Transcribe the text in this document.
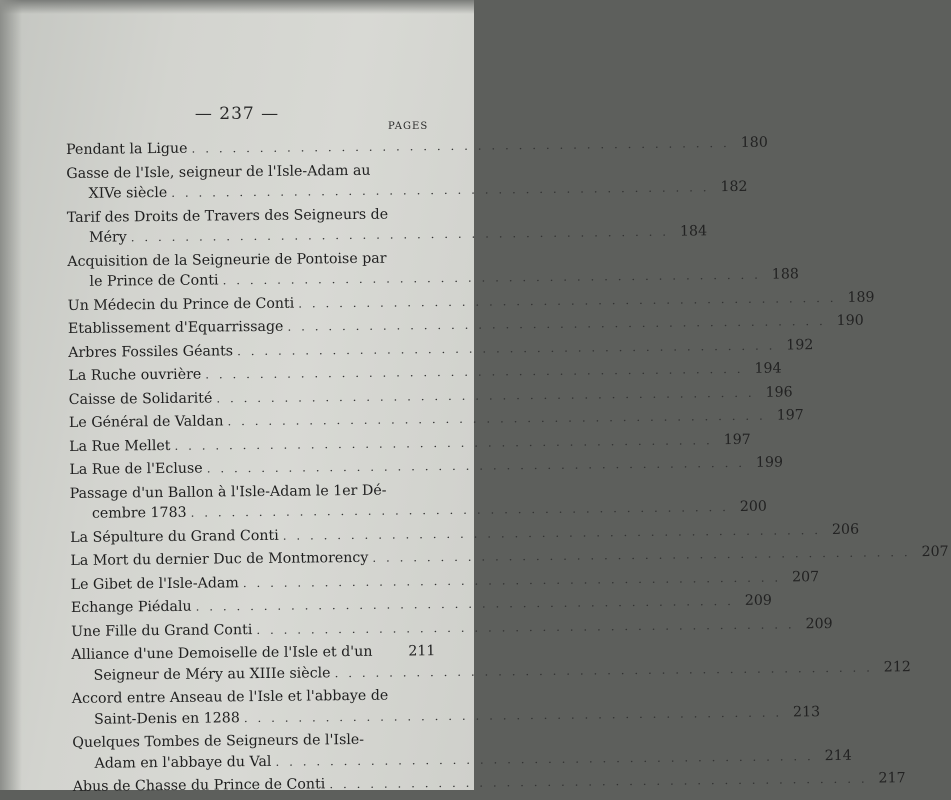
— 237 —
PAGES
Pendant la Ligue . . . . . . . . . . . . . . . . . . . . . . . . . . . . . . . . . . . . . . . . 180
Gasse de l'Isle, seigneur de l'Isle-Adam au
XIVe siècle . . . . . . . . . . . . . . . . . . . . . . . . . . . . . . . . . . . . . . . . 182
Tarif des Droits de Travers des Seigneurs de
Méry . . . . . . . . . . . . . . . . . . . . . . . . . . . . . . . . . . . . . . . . 184
Acquisition de la Seigneurie de Pontoise par
le Prince de Conti . . . . . . . . . . . . . . . . . . . . . . . . . . . . . . . . . . . . . . . . 188
Un Médecin du Prince de Conti . . . . . . . . . . . . . . . . . . . . . . . . . . . . . . . . . . . . . . . . 189
Etablissement d'Equarrissage . . . . . . . . . . . . . . . . . . . . . . . . . . . . . . . . . . . . . . . . 190
Arbres Fossiles Géants . . . . . . . . . . . . . . . . . . . . . . . . . . . . . . . . . . . . . . . . 192
La Ruche ouvrière . . . . . . . . . . . . . . . . . . . . . . . . . . . . . . . . . . . . . . . . 194
Caisse de Solidarité . . . . . . . . . . . . . . . . . . . . . . . . . . . . . . . . . . . . . . . . 196
Le Général de Valdan . . . . . . . . . . . . . . . . . . . . . . . . . . . . . . . . . . . . . . . . 197
La Rue Mellet . . . . . . . . . . . . . . . . . . . . . . . . . . . . . . . . . . . . . . . . 197
La Rue de l'Ecluse . . . . . . . . . . . . . . . . . . . . . . . . . . . . . . . . . . . . . . . . 199
Passage d'un Ballon à l'Isle-Adam le 1er Dé-
cembre 1783 . . . . . . . . . . . . . . . . . . . . . . . . . . . . . . . . . . . . . . . . 200
La Sépulture du Grand Conti . . . . . . . . . . . . . . . . . . . . . . . . . . . . . . . . . . . . . . . . 206
La Mort du dernier Duc de Montmorency . . . . . . . . . . . . . . . . . . . . . . . . . . . . . . . . . . . . . . . . 207
Le Gibet de l'Isle-Adam . . . . . . . . . . . . . . . . . . . . . . . . . . . . . . . . . . . . . . . . 207
Echange Piédalu . . . . . . . . . . . . . . . . . . . . . . . . . . . . . . . . . . . . . . . . 209
Une Fille du Grand Conti . . . . . . . . . . . . . . . . . . . . . . . . . . . . . . . . . . . . . . . . 209
Alliance d'une Demoiselle de l'Isle et d'un	211
Seigneur de Méry au XIIIe siècle . . . . . . . . . . . . . . . . . . . . . . . . . . . . . . . . . . . . . . . . 212
Accord entre Anseau de l'Isle et l'abbaye de
Saint-Denis en 1288 . . . . . . . . . . . . . . . . . . . . . . . . . . . . . . . . . . . . . . . . 213
Quelques Tombes de Seigneurs de l'Isle-
Adam en l'abbaye du Val . . . . . . . . . . . . . . . . . . . . . . . . . . . . . . . . . . . . . . . . 214
Abus de Chasse du Prince de Conti . . . . . . . . . . . . . . . . . . . . . . . . . . . . . . . . . . . . . . . . 217
